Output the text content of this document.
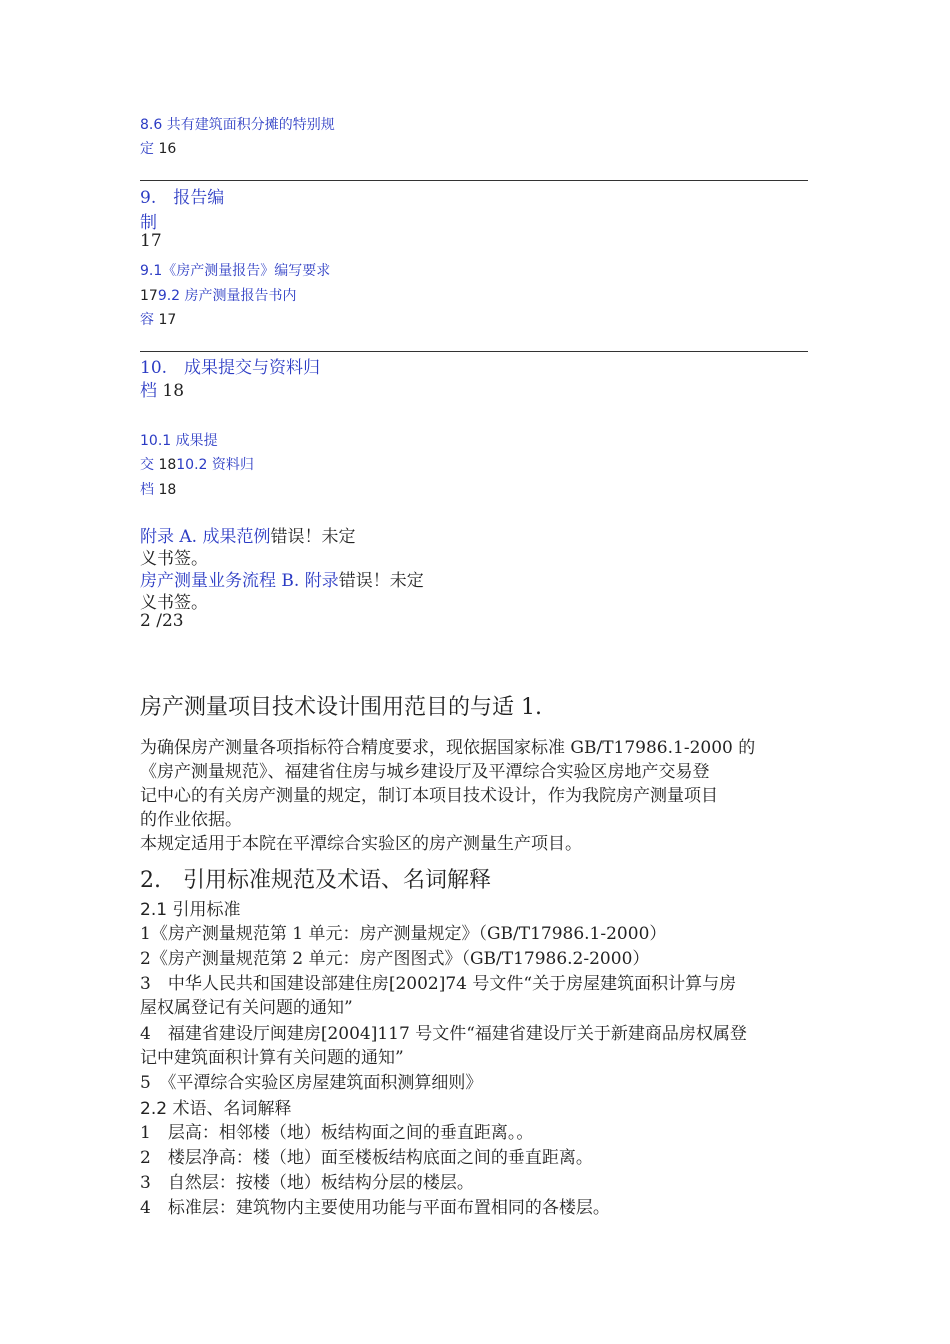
8.6 共有建筑面积分摊的特别规
定 16
9.　报告编
制
17
9.1《房产测量报告》编写要求
179.2 房产测量报告书内
容 17
10.　成果提交与资料归
档 18
10.1 成果提
交 1810.2 资料归
档 18
附录 A. 成果范例错误！未定
义书签。
房产测量业务流程 B. 附录错误！未定
义书签。
2 /23
房产测量项目技术设计围用范目的与适 1.
为确保房产测量各项指标符合精度要求，现依据国家标准 GB/T17986.1-2000 的
《房产测量规范》、福建省住房与城乡建设厅及平潭综合实验区房地产交易登
记中心的有关房产测量的规定，制订本项目技术设计，作为我院房产测量项目
的作业依据。
本规定适用于本院在平潭综合实验区的房产测量生产项目。
2.　引用标准规范及术语、名词解释
2.1 引用标准
1《房产测量规范第 1 单元：房产测量规定》（GB/T17986.1-2000）
2《房产测量规范第 2 单元：房产图图式》（GB/T17986.2-2000）
3　中华人民共和国建设部建住房[2002]74 号文件“关于房屋建筑面积计算与房
屋权属登记有关问题的通知”
4　福建省建设厅闽建房[2004]117 号文件“福建省建设厅关于新建商品房权属登
记中建筑面积计算有关问题的通知”
5　《平潭综合实验区房屋建筑面积测算细则》
2.2 术语、名词解释
1　层高：相邻楼（地）板结构面之间的垂直距离。。
2　楼层净高：楼（地）面至楼板结构底面之间的垂直距离。
3　自然层：按楼（地）板结构分层的楼层。
4　标准层：建筑物内主要使用功能与平面布置相同的各楼层。
